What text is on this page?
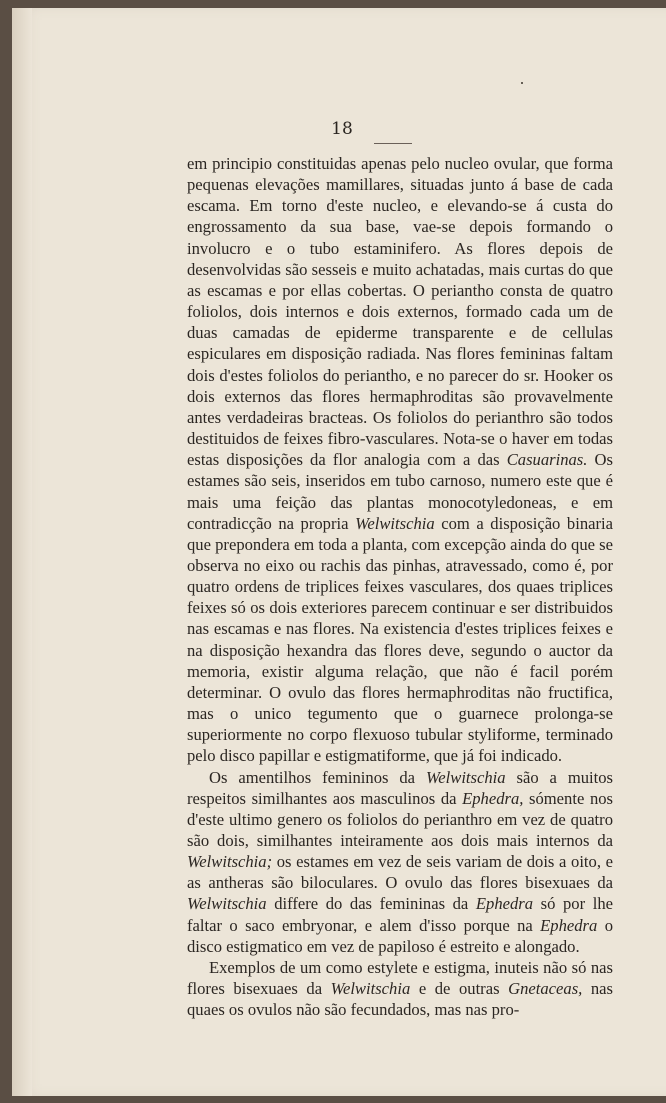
18

em principio constituidas apenas pelo nucleo ovular, que forma pequenas elevações mamillares, situadas junto á base de cada escama. Em torno d'este nucleo, e elevando-se á custa do engrossamento da sua base, vae-se depois formando o involucro e o tubo estaminifero. As flores depois de desenvolvidas são sesseis e muito achatadas, mais curtas do que as escamas e por ellas cobertas. O periantho consta de quatro foliolos, dois internos e dois externos, formado cada um de duas camadas de epiderme transparente e de cellulas espiculares em disposição radiada. Nas flores femininas faltam dois d'estes foliolos do periantho, e no parecer do sr. Hooker os dois externos das flores hermaphroditas são provavelmente antes verdadeiras bracteas. Os foliolos do perianthro são todos destituidos de feixes fibro-vasculares. Nota-se o haver em todas estas disposições da flor analogia com a das Casuarinas. Os estames são seis, inseridos em tubo carnoso, numero este que é mais uma feição das plantas monocotyledoneas, e em contradicção na propria Welwitschia com a disposição binaria que prepondera em toda a planta, com excepção ainda do que se observa no eixo ou rachis das pinhas, atravessado, como é, por quatro ordens de triplices feixes vasculares, dos quaes triplices feixes só os dois exteriores parecem continuar e ser distribuidos nas escamas e nas flores. Na existencia d'estes triplices feixes e na disposição hexandra das flores deve, segundo o auctor da memoria, existir alguma relação, que não é facil porém determinar. O ovulo das flores hermaphroditas não fructifica, mas o unico tegumento que o guarnece prolonga-se superiormente no corpo flexuoso tubular styliforme, terminado pelo disco papillar e estigmatiforme, que já foi indicado.

Os amentilhos femininos da Welwitschia são a muitos respeitos similhantes aos masculinos da Ephedra, sómente nos d'este ultimo genero os foliolos do perianthro em vez de quatro são dois, similhantes inteiramente aos dois mais internos da Welwitschia; os estames em vez de seis variam de dois a oito, e as antheras são biloculares. O ovulo das flores bisexuaes da Welwitschia differe do das femininas da Ephedra só por lhe faltar o saco embryonar, e alem d'isso porque na Ephedra o disco estigmatico em vez de papiloso é estreito e alongado.

Exemplos de um como estylete e estigma, inuteis não só nas flores bisexuaes da Welwitschia e de outras Gnetaceas, nas quaes os ovulos não são fecundados, mas nas pro-
